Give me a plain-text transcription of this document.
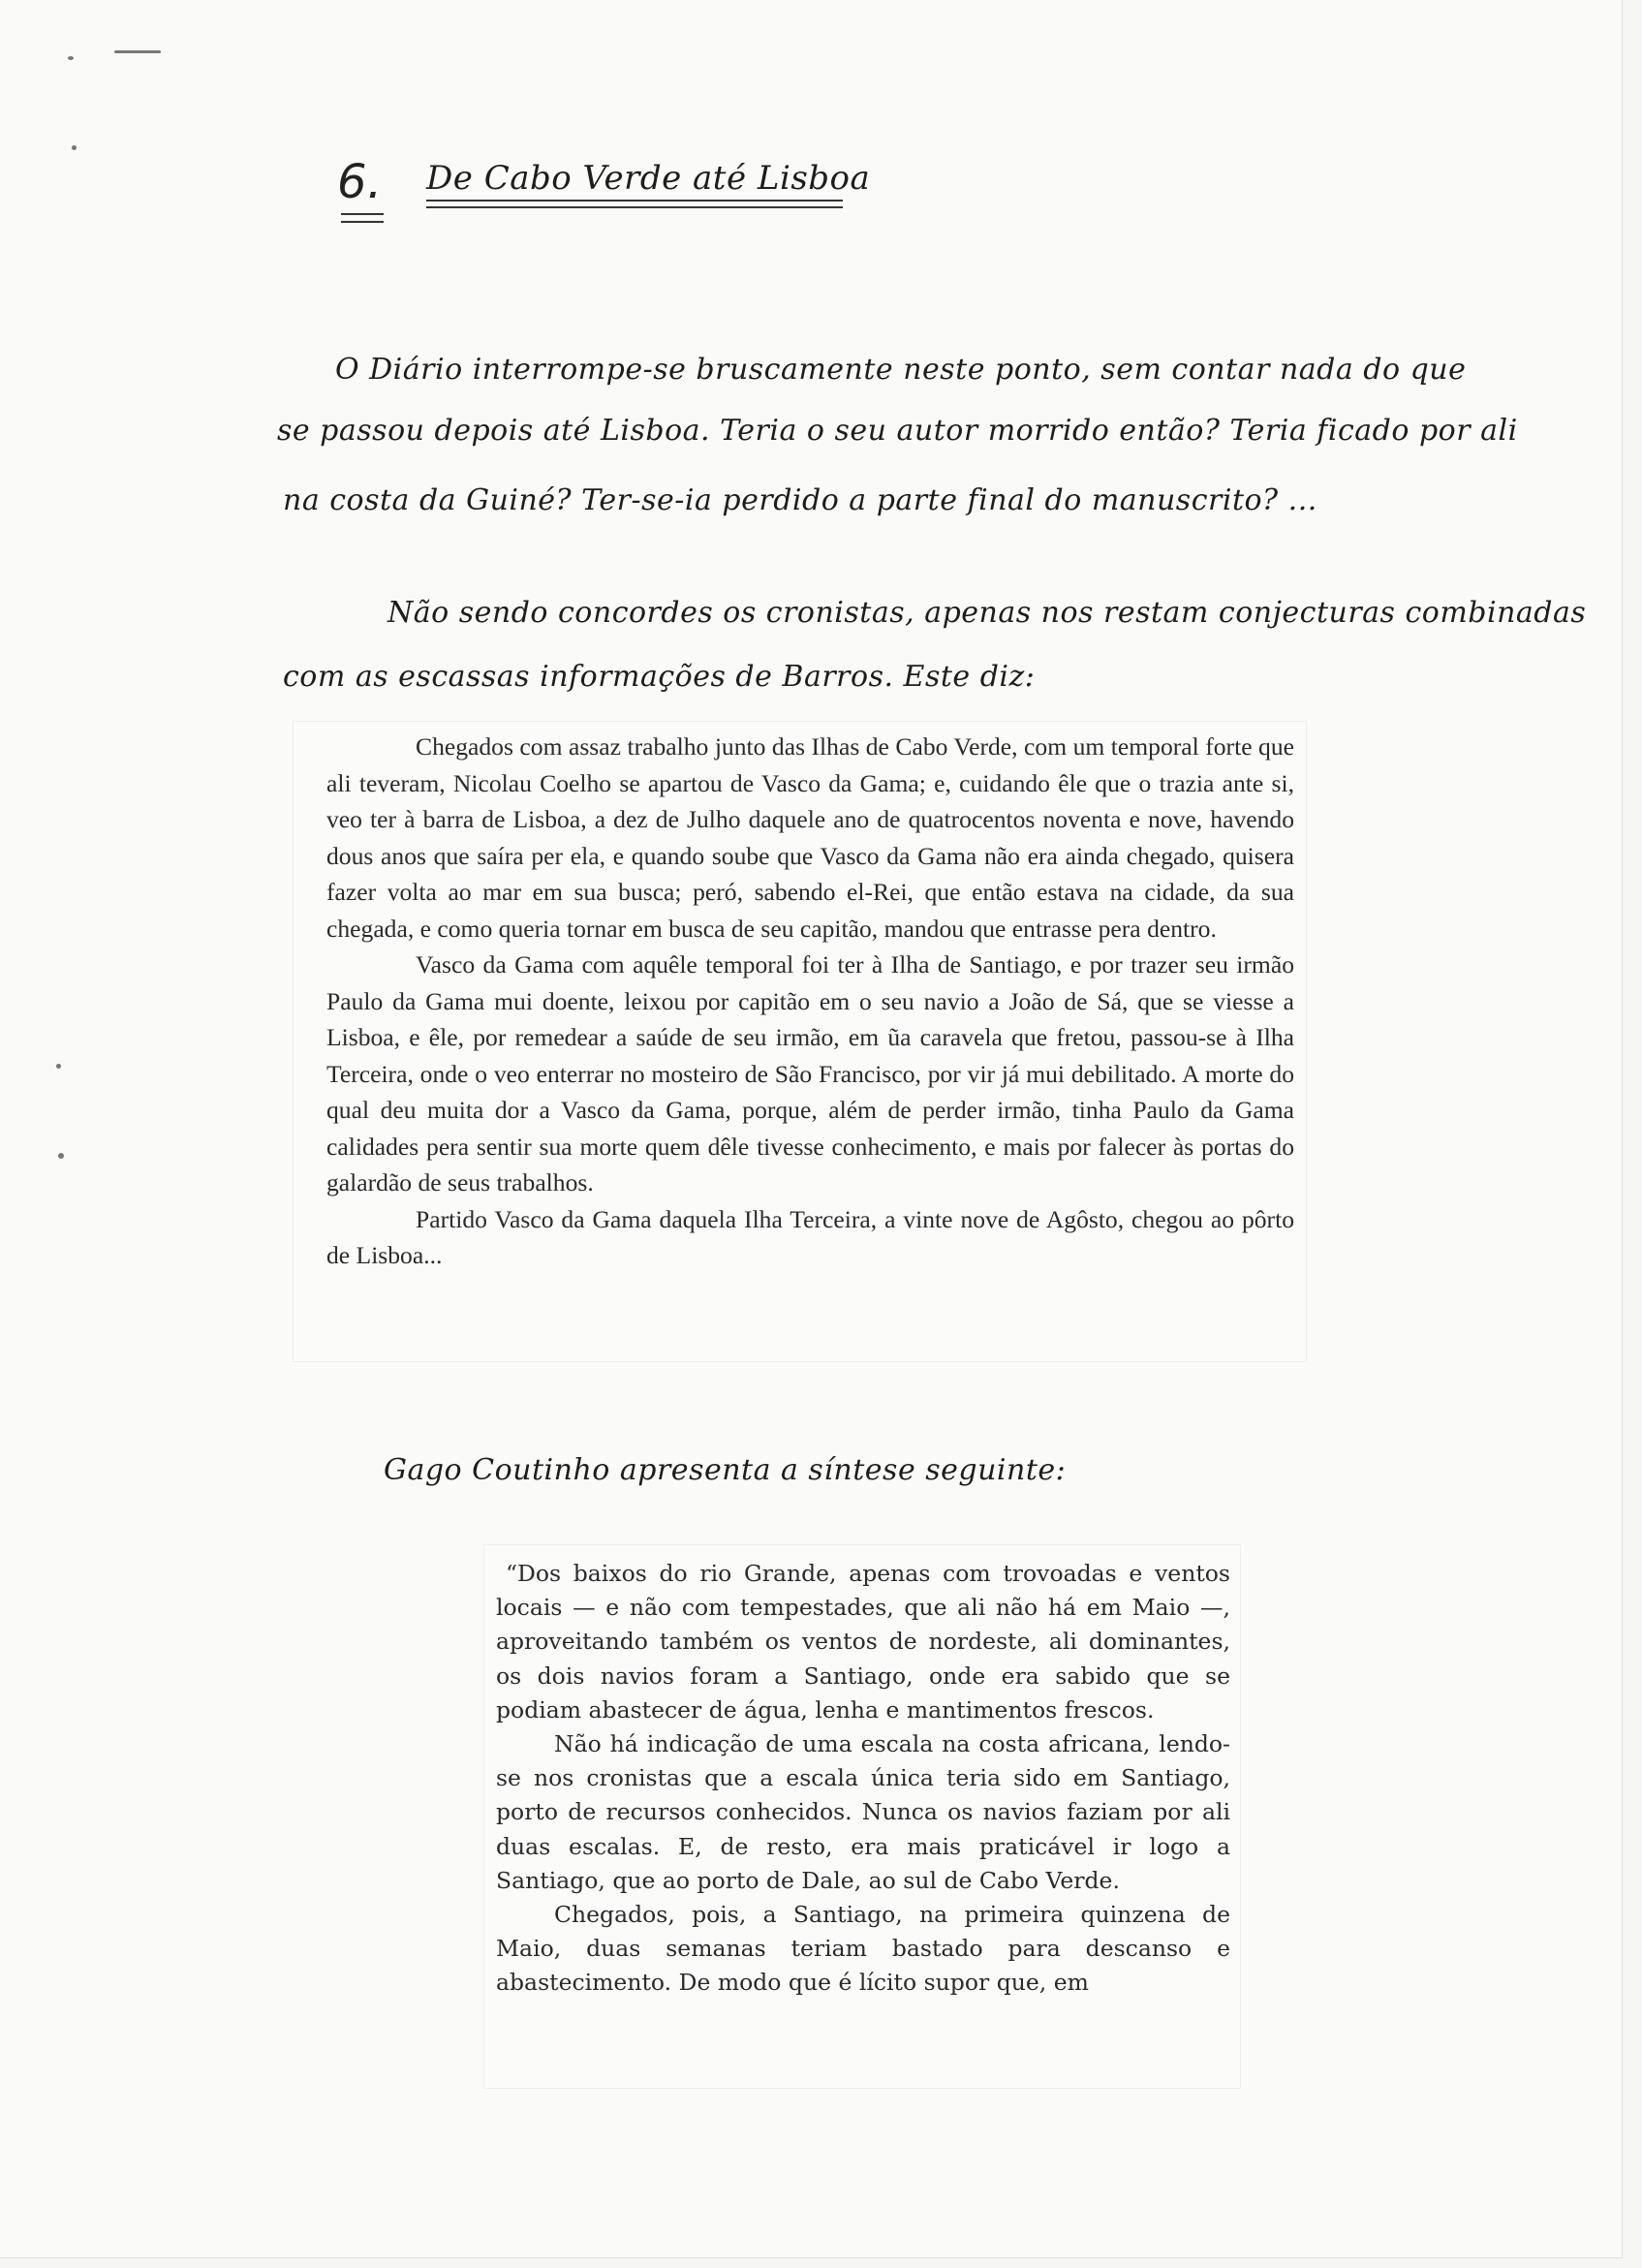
6. De Cabo Verde até Lisboa
O Diário interrompe-se bruscamente neste ponto, sem contar nada do que
se passou depois até Lisboa. Teria o seu autor morrido então? Teria ficado por ali
na costa da Guiné? Ter-se-ia perdido a parte final do manuscrito? ...
Não sendo concordes os cronistas, apenas nos restam conjecturas combinadas
com as escassas informações de Barros. Este diz:

Chegados com assaz trabalho junto das Ilhas de Cabo Verde, com um temporal forte que ali teveram, Nicolau Coelho se apartou de Vasco da Gama; e, cuidando êle que o trazia ante si, veo ter à barra de Lisboa, a dez de Julho daquele ano de quatrocentos noventa e nove, havendo dous anos que saíra per ela, e quando soube que Vasco da Gama não era ainda chegado, quisera fazer volta ao mar em sua busca; peró, sabendo el-Rei, que então estava na cidade, da sua chegada, e como queria tornar em busca de seu capitão, mandou que entrasse pera dentro.

Vasco da Gama com aquêle temporal foi ter à Ilha de Santiago, e por trazer seu irmão Paulo da Gama mui doente, leixou por capitão em o seu navio a João de Sá, que se viesse a Lisboa, e êle, por remedear a saúde de seu irmão, em ũa caravela que fretou, passou-se à Ilha Terceira, onde o veo enterrar no mosteiro de São Francisco, por vir já mui debilitado. A morte do qual deu muita dor a Vasco da Gama, porque, além de perder irmão, tinha Paulo da Gama calidades pera sentir sua morte quem dêle tivesse conhecimento, e mais por falecer às portas do galardão de seus trabalhos.

Partido Vasco da Gama daquela Ilha Terceira, a vinte nove de Agôsto, chegou ao pôrto de Lisboa...

Gago Coutinho apresenta a síntese seguinte:

“Dos baixos do rio Grande, apenas com trovoadas e ventos locais — e não com tempestades, que ali não há em Maio —, aproveitando também os ventos de nordeste, ali dominantes, os dois navios foram a Santiago, onde era sabido que se podiam abastecer de água, lenha e mantimentos frescos.

Não há indicação de uma escala na costa africana, lendo-se nos cronistas que a escala única teria sido em Santiago, porto de recursos conhecidos. Nunca os navios faziam por ali duas escalas. E, de resto, era mais praticável ir logo a Santiago, que ao porto de Dale, ao sul de Cabo Verde.

Chegados, pois, a Santiago, na primeira quinzena de Maio, duas semanas teriam bastado para descanso e abastecimento. De modo que é lícito supor que, em
